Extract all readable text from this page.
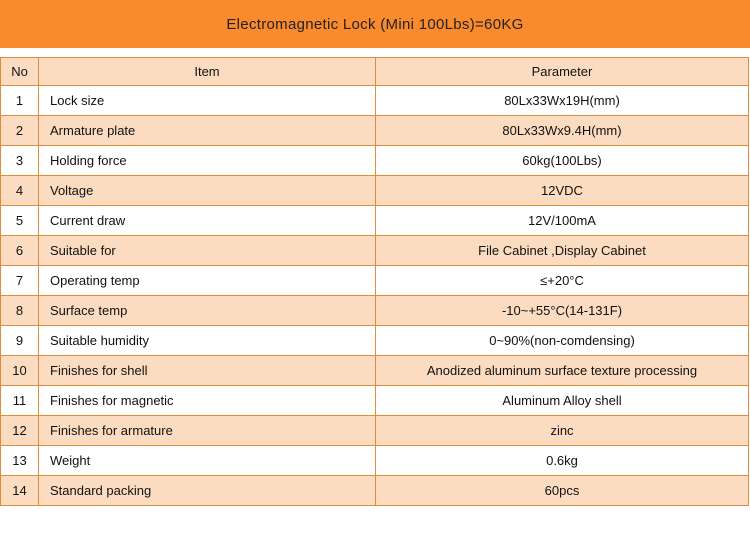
Electromagnetic Lock (Mini 100Lbs)=60KG
No	Item	Parameter
1	Lock size	80Lx33Wx19H(mm)
2	Armature plate	80Lx33Wx9.4H(mm)
3	Holding force	60kg(100Lbs)
4	Voltage	12VDC
5	Current draw	12V/100mA
6	Suitable for	File Cabinet ,Display Cabinet
7	Operating temp	≤+20°C
8	Surface temp	-10~+55°C(14-131F)
9	Suitable humidity	0~90%(non-comdensing)
10	Finishes for shell	Anodized aluminum surface texture processing
11	Finishes for magnetic	Aluminum Alloy shell
12	Finishes for armature	zinc
13	Weight	0.6kg
14	Standard packing	60pcs
